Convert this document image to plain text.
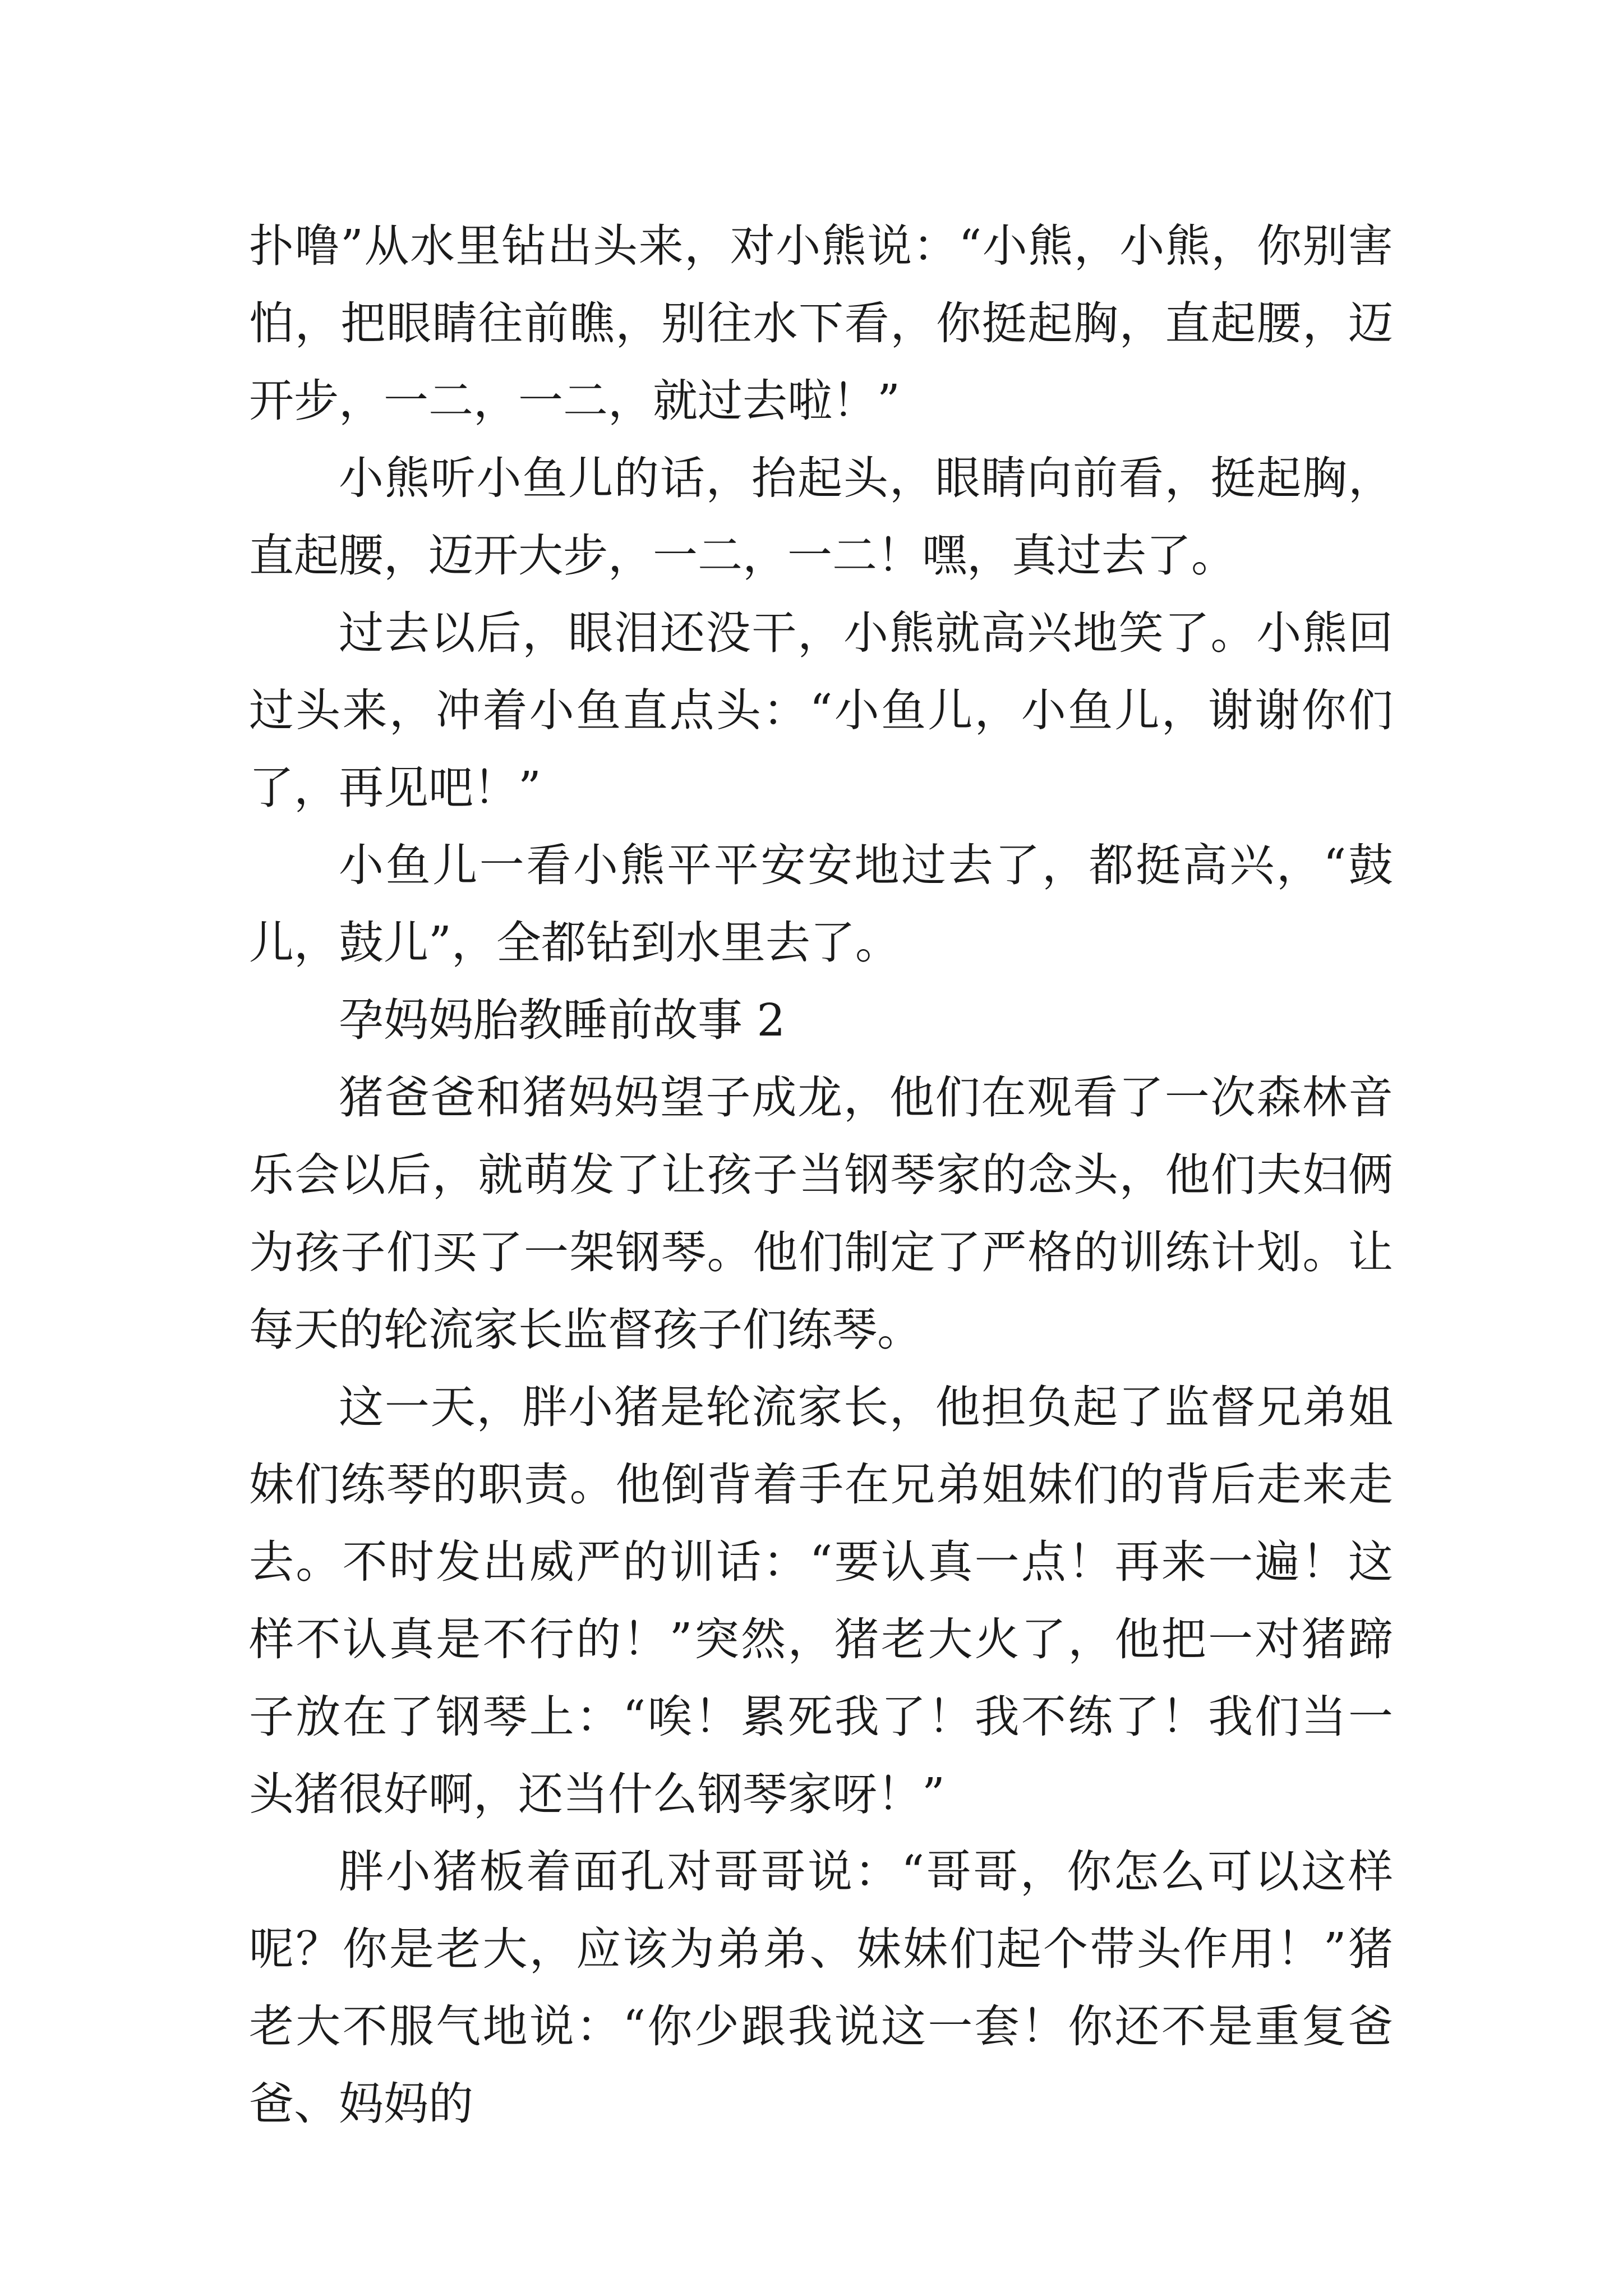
扑噜”从水里钻出头来，对小熊说：“小熊，小熊，你别害怕，把眼睛往前瞧，别往水下看，你挺起胸，直起腰，迈开步，一二，一二，就过去啦！”

小熊听小鱼儿的话，抬起头，眼睛向前看，挺起胸，直起腰，迈开大步，一二，一二！嘿，真过去了。

过去以后，眼泪还没干，小熊就高兴地笑了。小熊回过头来，冲着小鱼直点头：“小鱼儿，小鱼儿，谢谢你们了，再见吧！”

小鱼儿一看小熊平平安安地过去了，都挺高兴，“鼓儿，鼓儿”，全都钻到水里去了。

孕妈妈胎教睡前故事 2

猪爸爸和猪妈妈望子成龙，他们在观看了一次森林音乐会以后，就萌发了让孩子当钢琴家的念头，他们夫妇俩为孩子们买了一架钢琴。他们制定了严格的训练计划。让每天的轮流家长监督孩子们练琴。

这一天，胖小猪是轮流家长，他担负起了监督兄弟姐妹们练琴的职责。他倒背着手在兄弟姐妹们的背后走来走去。不时发出威严的训话：“要认真一点！再来一遍！这样不认真是不行的！”突然，猪老大火了，他把一对猪蹄子放在了钢琴上：“唉！累死我了！我不练了！我们当一头猪很好啊，还当什么钢琴家呀！”

胖小猪板着面孔对哥哥说：“哥哥，你怎么可以这样呢？你是老大，应该为弟弟、妹妹们起个带头作用！”猪老大不服气地说：“你少跟我说这一套！你还不是重复爸爸、妈妈的
